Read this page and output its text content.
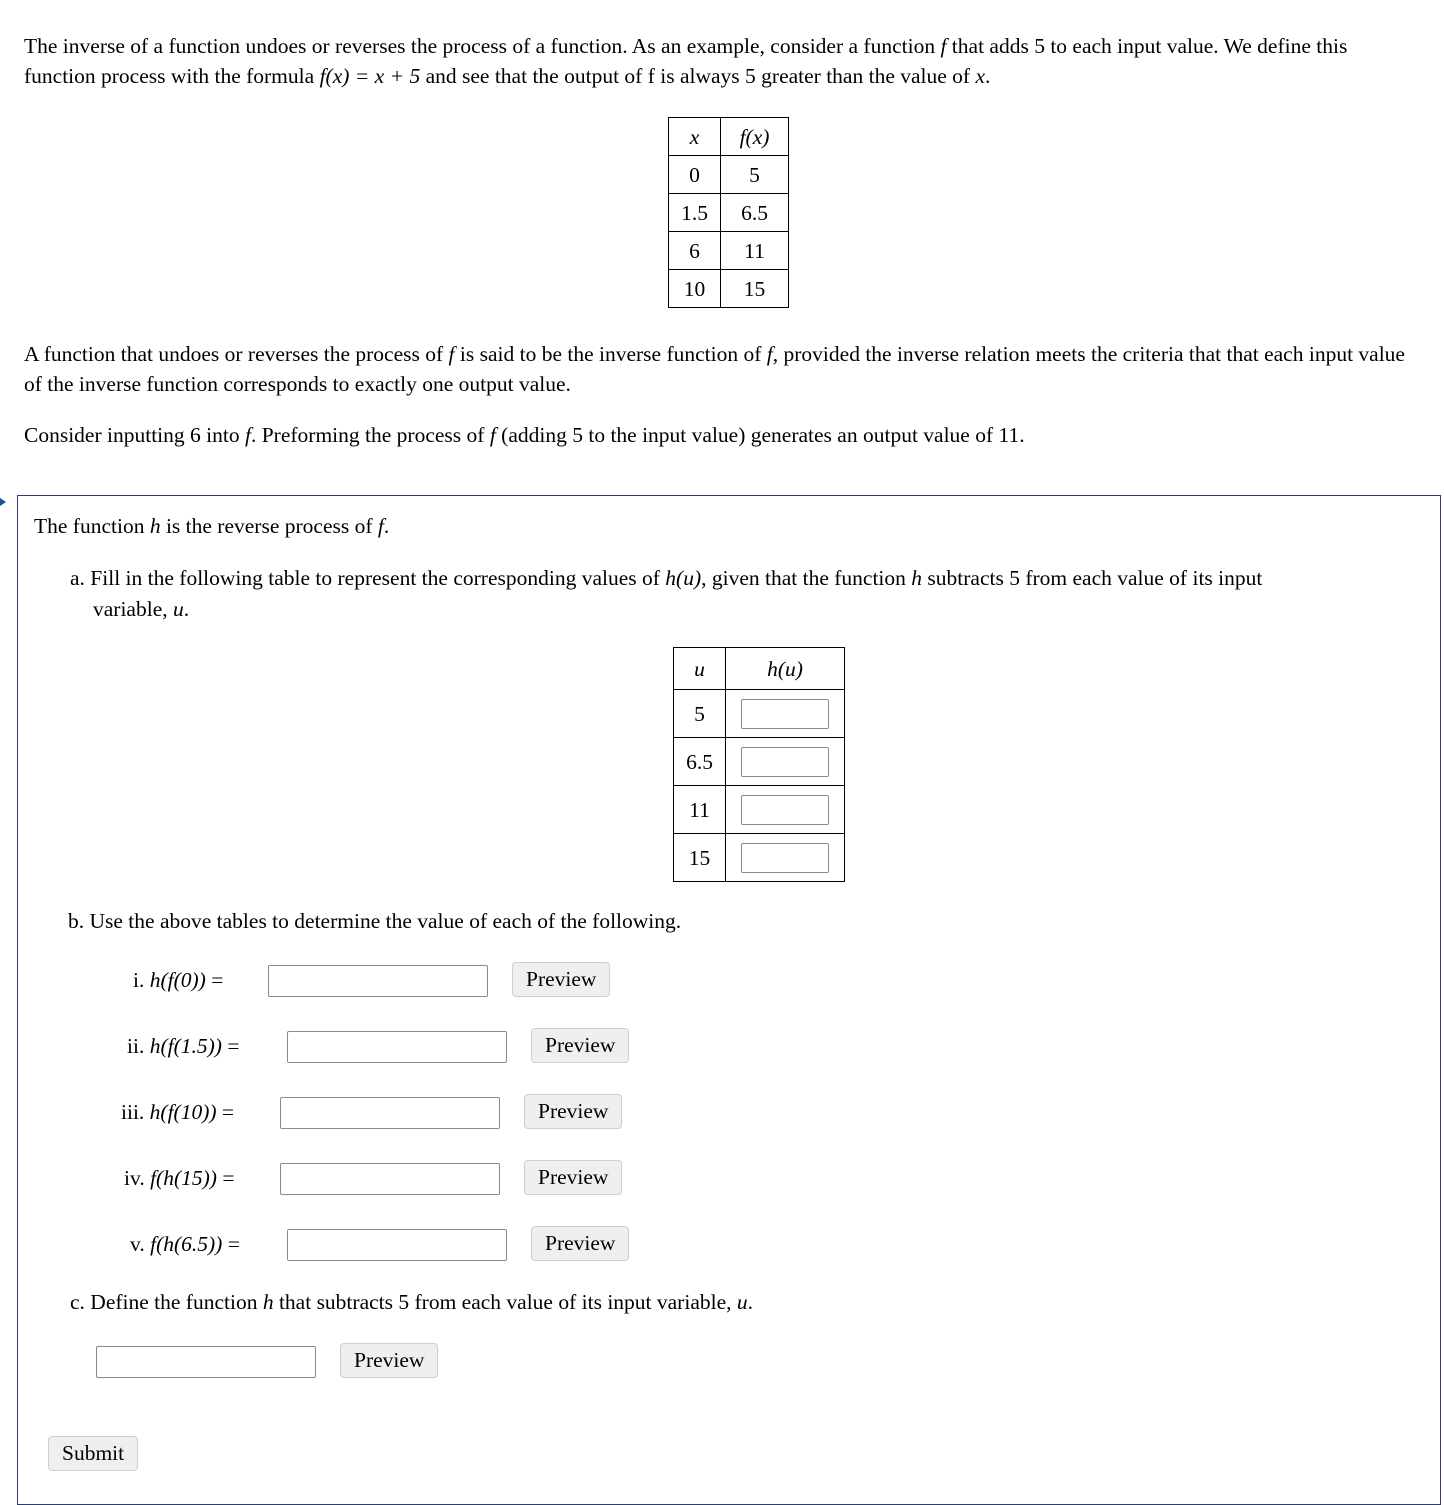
The inverse of a function undoes or reverses the process of a function. As an example, consider a function f that adds 5 to each input value. We define this function process with the formula f(x) = x + 5 and see that the output of f is always 5 greater than the value of x.

x	f(x)
0	5
1.5	6.5
6	11
10	15

A function that undoes or reverses the process of f is said to be the inverse function of f, provided the inverse relation meets the criteria that that each input value of the inverse function corresponds to exactly one output value.

Consider inputting 6 into f. Preforming the process of f (adding 5 to the input value) generates an output value of 11.

The function h is the reverse process of f.
a. Fill in the following table to represent the corresponding values of h(u), given that the function h subtracts 5 from each value of its input
variable, u.
u	h(u)
5	

6.5	

11	

15	
b. Use the above tables to determine the value of each of the following.
i. h(f(0)) =	Preview
ii. h(f(1.5)) =	Preview
iii. h(f(10)) =	Preview
iv. f(h(15)) =	Preview
v. f(h(6.5)) =	Preview
c. Define the function h that subtracts 5 from each value of its input variable, u.
Preview
Submit
